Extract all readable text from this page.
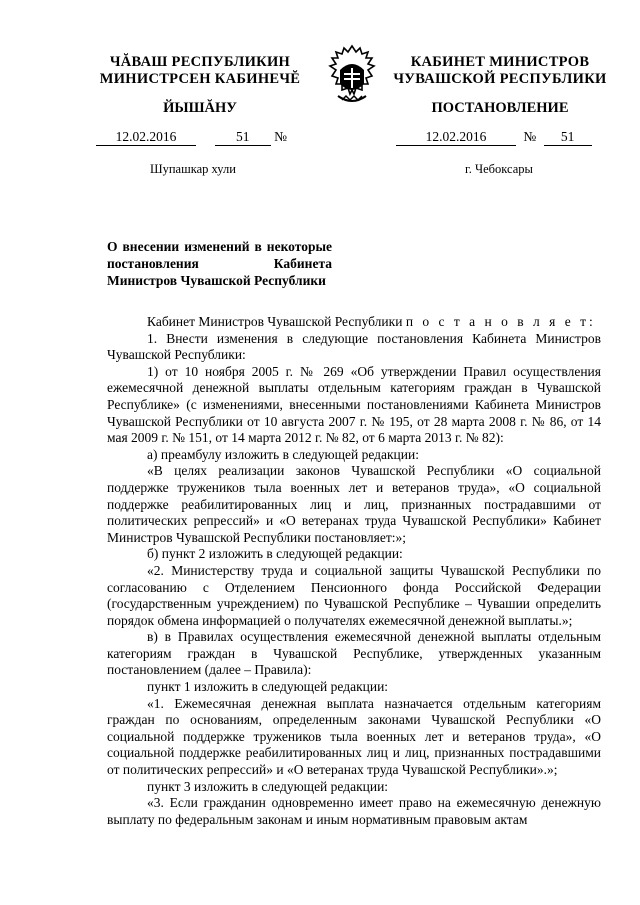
ЧĂВАШ РЕСПУБЛИКИН
МИНИСТРСЕН КАБИНЕЧĔ
ЙЫШĂНУ
КАБИНЕТ МИНИСТРОВ
ЧУВАШСКОЙ РЕСПУБЛИКИ
ПОСТАНОВЛЕНИЕ
12.02.2016	51 №	12.02.2016	№ 51
Шупашкар хули	г. Чебоксары
О внесении изменений в некоторые постановления Кабинета Министров Чувашской Республики

Кабинет Министров Чувашской Республики п о с т а н о в л я е т:

1. Внести изменения в следующие постановления Кабинета Министров Чувашской Республики:

1) от 10 ноября 2005 г. № 269 «Об утверждении Правил осуществления ежемесячной денежной выплаты отдельным категориям граждан в Чувашской Республике» (с изменениями, внесенными постановлениями Кабинета Министров Чувашской Республики от 10 августа 2007 г. № 195, от 28 марта 2008 г. № 86, от 14 мая 2009 г. № 151, от 14 марта 2012 г. № 82, от 6 марта 2013 г. № 82):

а) преамбулу изложить в следующей редакции:

«В целях реализации законов Чувашской Республики «О социальной поддержке тружеников тыла военных лет и ветеранов труда», «О социальной поддержке реабилитированных лиц и лиц, признанных пострадавшими от политических репрессий» и «О ветеранах труда Чувашской Республики» Кабинет Министров Чувашской Республики постановляет:»;

б) пункт 2 изложить в следующей редакции:

«2. Министерству труда и социальной защиты Чувашской Республики по согласованию с Отделением Пенсионного фонда Российской Федерации (государственным учреждением) по Чувашской Республике – Чувашии определить порядок обмена информацией о получателях ежемесячной денежной выплаты.»;

в) в Правилах осуществления ежемесячной денежной выплаты отдельным категориям граждан в Чувашской Республике, утвержденных указанным постановлением (далее – Правила):

пункт 1 изложить в следующей редакции:

«1. Ежемесячная денежная выплата назначается отдельным категориям граждан по основаниям, определенным законами Чувашской Республики «О социальной поддержке тружеников тыла военных лет и ветеранов труда», «О социальной поддержке реабилитированных лиц и лиц, признанных пострадавшими от политических репрессий» и «О ветеранах труда Чувашской Республики».»;

пункт 3 изложить в следующей редакции:

«3. Если гражданин одновременно имеет право на ежемесячную денежную выплату по федеральным законам и иным нормативным правовым актам
